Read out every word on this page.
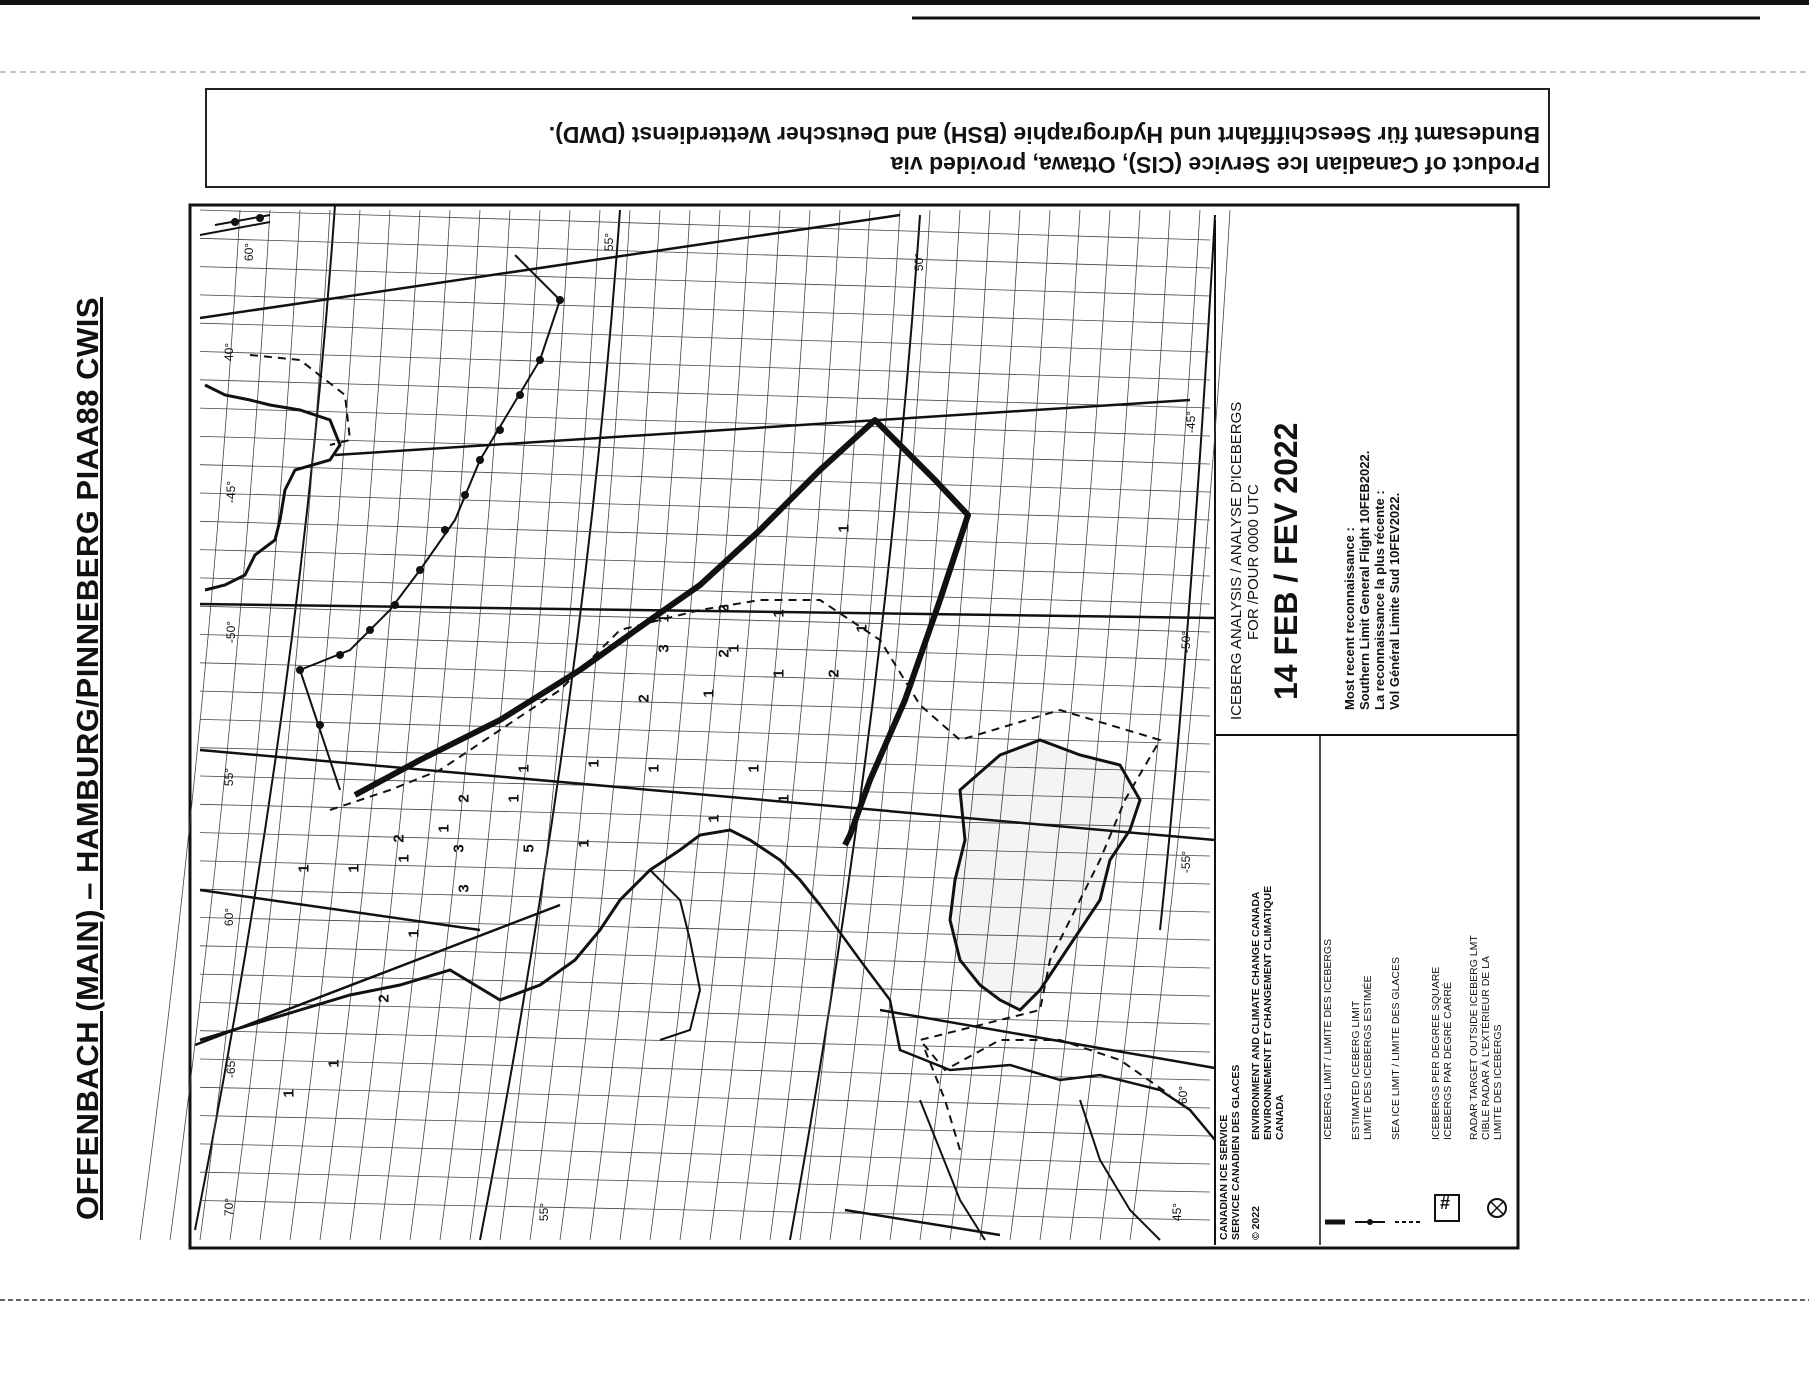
OFFENBACH (MAIN) – HAMBURG/PINNEBERG PIAA88 CWIS
Product of Canadian Ice Service (CIS), Ottawa, provided via
Bundesamt für Seeschifffahrt und Hydrographie (BSH) and Deutscher Wetterdienst (DWD).
ICEBERG ANALYSIS / ANALYSE D'ICEBERGS FOR /POUR 0000 UTC 14 FEB / FEV 2022	Most recent reconnaissance : Southern Limit General Flight 10FEB2022. La reconnaissance la plus récente : Vol Général Limite Sud 10FEV2022.
CANADIAN ICE SERVICE SERVICE CANADIEN DES GLACES © 2022
ENVIRONMENT AND CLIMATE CHANGE CANADA ENVIRONNEMENT ET CHANGEMENT CLIMATIQUE CANADA	ICEBERG LIMIT / LIMITE DES ICEBERGS ESTIMATED ICEBERG LIMIT LIMITE DES ICEBERGS ESTIMÉE SEA ICE LIMIT / LIMITE DES GLACES	ICEBERGS PER DEGREE SQUARE ICEBERGS PAR DEGRÉ CARRÉ RADAR TARGET OUTSIDE ICEBERG LMT CIBLE RADAR À L'EXTÉRIEUR DE LA LIMITE DES ICEBERGS
#
60°
40°
-45°
-50°
55°
60°
-65°
70°
55°
50°
55°	45°
-45°
-50°
-55°
-60°
1
1
2
1
3
1 1
1
3
2
1
2 1
1
5
1
1
1
2
1
2
3
1
2
1
1
1
1
1
1
1
1
2
